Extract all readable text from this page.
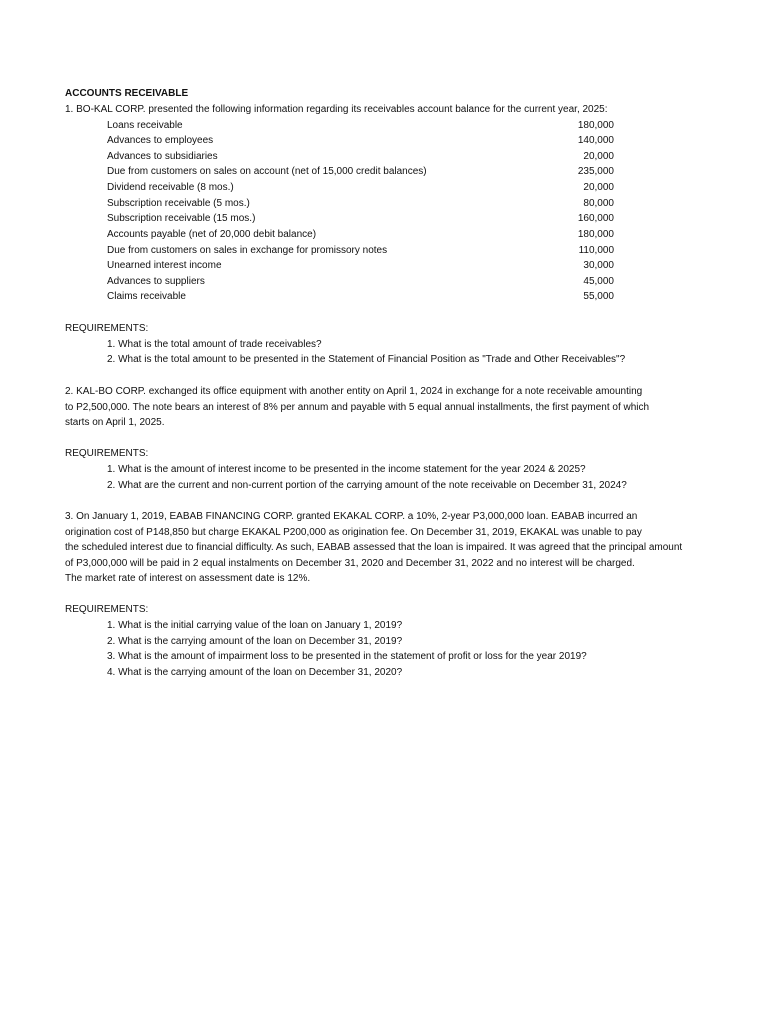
ACCOUNTS RECEIVABLE
1. BO-KAL CORP. presented the following information regarding its receivables account balance for the current year, 2025:
Loans receivable	180,000
Advances to employees	140,000
Advances to subsidiaries	20,000
Due from customers on sales on account (net of 15,000 credit balances)	235,000
Dividend receivable (8 mos.)	20,000
Subscription receivable (5 mos.)	80,000
Subscription receivable (15 mos.)	160,000
Accounts payable (net of 20,000 debit balance)	180,000
Due from customers on sales in exchange for promissory notes	110,000
Unearned interest income	30,000
Advances to suppliers	45,000
Claims receivable	55,000
REQUIREMENTS:
1. What is the total amount of trade receivables?
2. What is the total amount to be presented in the Statement of Financial Position as "Trade and Other Receivables"?
2. KAL-BO CORP. exchanged its office equipment with another entity on April 1, 2024 in exchange for a note receivable amounting
to P2,500,000. The note bears an interest of 8% per annum and payable with 5 equal annual installments, the first payment of which
starts on April 1, 2025.
REQUIREMENTS:
1. What is the amount of interest income to be presented in the income statement for the year 2024 & 2025?
2. What are the current and non-current portion of the carrying amount of the note receivable on December 31, 2024?
3. On January 1, 2019, EABAB FINANCING CORP. granted EKAKAL CORP. a 10%, 2-year P3,000,000 loan. EABAB incurred an
origination cost of P148,850 but charge EKAKAL P200,000 as origination fee. On December 31, 2019, EKAKAL was unable to pay
the scheduled interest due to financial difficulty. As such, EABAB assessed that the loan is impaired. It was agreed that the principal amount
of P3,000,000 will be paid in 2 equal instalments on December 31, 2020 and December 31, 2022 and no interest will be charged.
The market rate of interest on assessment date is 12%.
REQUIREMENTS:
1. What is the initial carrying value of the loan on January 1, 2019?
2. What is the carrying amount of the loan on December 31, 2019?
3. What is the amount of impairment loss to be presented in the statement of profit or loss for the year 2019?
4. What is the carrying amount of the loan on December 31, 2020?
